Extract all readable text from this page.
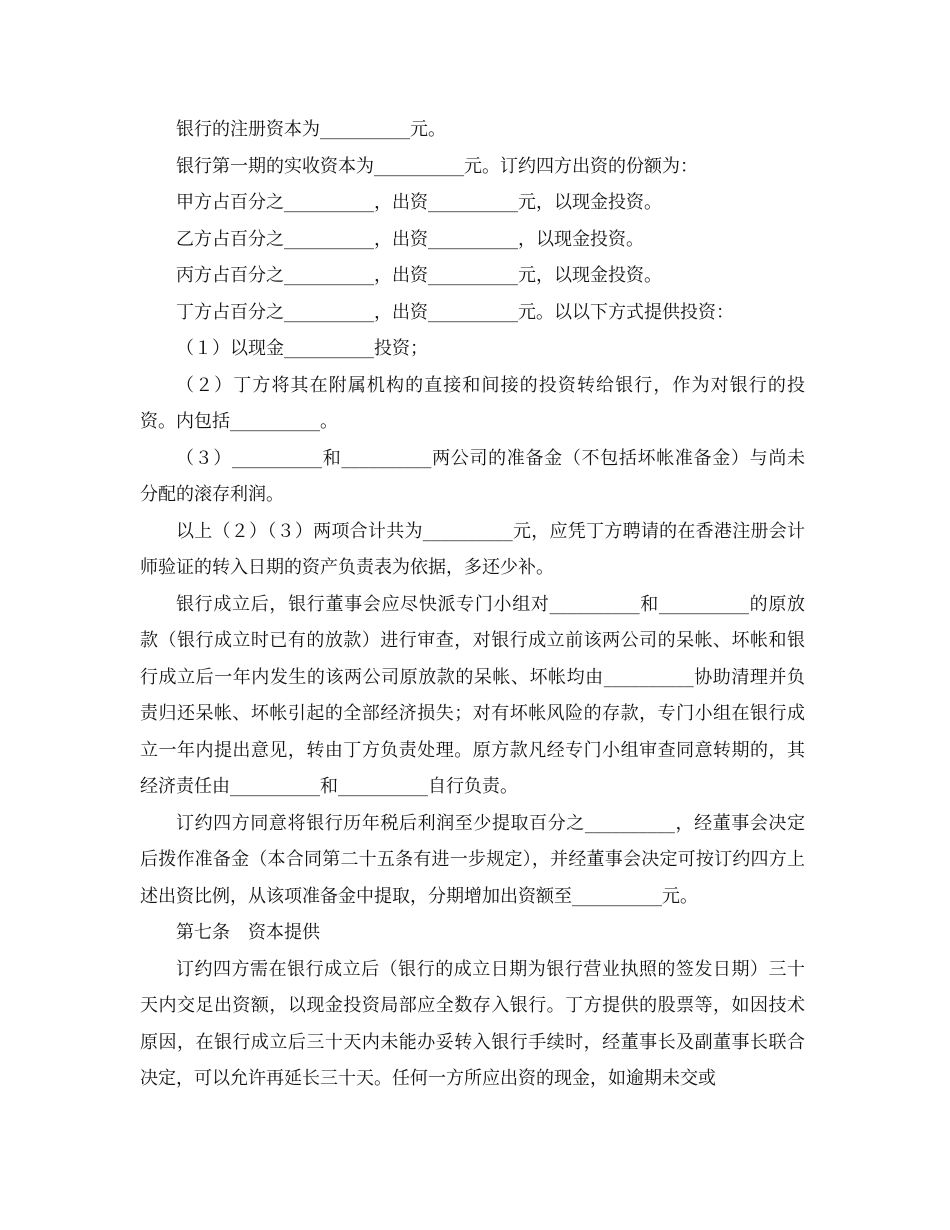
银行的注册资本为__________元。

银行第一期的实收资本为__________元。订约四方出资的份额为：

甲方占百分之__________，出资__________元，以现金投资。

乙方占百分之__________，出资__________，以现金投资。

丙方占百分之__________，出资__________元，以现金投资。

丁方占百分之__________，出资__________元。以以下方式提供投资：

（１）以现金__________投资；

（２）丁方将其在附属机构的直接和间接的投资转给银行，作为对银行的投资。内包括__________。

（３）__________和__________两公司的准备金（不包括坏帐准备金）与尚未分配的滚存利润。

以上（２）（３）两项合计共为__________元，应凭丁方聘请的在香港注册会计师验证的转入日期的资产负责表为依据，多还少补。

银行成立后，银行董事会应尽快派专门小组对__________和__________的原放款（银行成立时已有的放款）进行审查，对银行成立前该两公司的呆帐、坏帐和银行成立后一年内发生的该两公司原放款的呆帐、坏帐均由__________协助清理并负责归还呆帐、坏帐引起的全部经济损失；对有坏帐风险的存款，专门小组在银行成立一年内提出意见，转由丁方负责处理。原方款凡经专门小组审查同意转期的，其经济责任由__________和__________自行负责。

订约四方同意将银行历年税后利润至少提取百分之__________，经董事会决定后拨作准备金（本合同第二十五条有进一步规定），并经董事会决定可按订约四方上述出资比例，从该项准备金中提取，分期增加出资额至__________元。

第七条　资本提供

订约四方需在银行成立后（银行的成立日期为银行营业执照的签发日期）三十天内交足出资额，以现金投资局部应全数存入银行。丁方提供的股票等，如因技术原因，在银行成立后三十天内未能办妥转入银行手续时，经董事长及副董事长联合决定，可以允许再延长三十天。任何一方所应出资的现金，如逾期未交或
